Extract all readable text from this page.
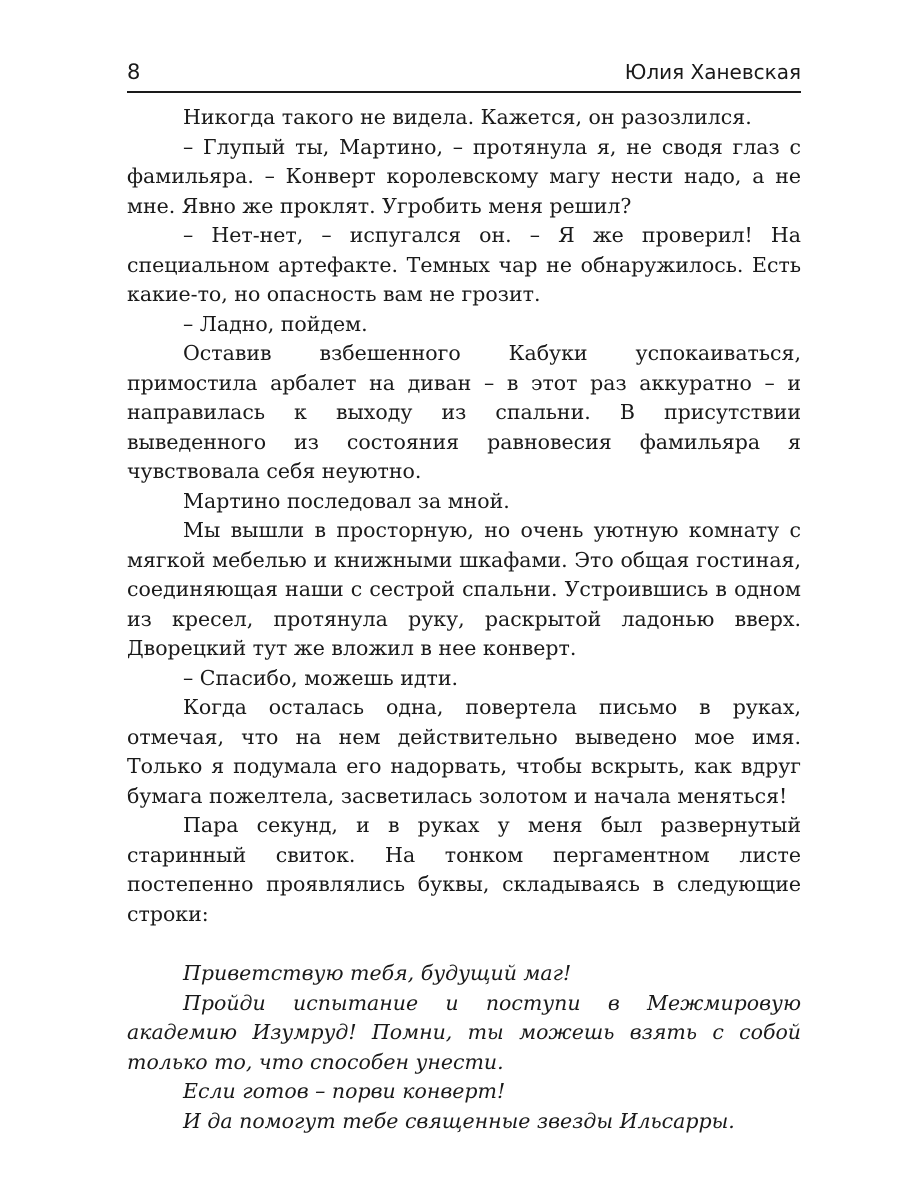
8	Юлия Ханевская

Никогда такого не видела. Кажется, он разозлился.

– Глупый ты, Мартино, – протянула я, не сводя глаз с фамильяра. – Конверт королевскому магу нести надо, а не мне. Явно же проклят. Угробить меня решил?

– Нет-нет, – испугался он. – Я же проверил! На специальном артефакте. Темных чар не обнаружилось. Есть какие-то, но опасность вам не грозит.

– Ладно, пойдем.

Оставив взбешенного Кабуки успокаиваться, примостила арбалет на диван – в этот раз аккуратно – и направилась к выходу из спальни. В присутствии выведенного из состояния равновесия фамильяра я чувствовала себя неуютно.

Мартино последовал за мной.

Мы вышли в просторную, но очень уютную комнату с мягкой мебелью и книжными шкафами. Это общая гостиная, соединяющая наши с сестрой спальни. Устроившись в одном из кресел, протянула руку, раскрытой ладонью вверх. Дворецкий тут же вложил в нее конверт.

– Спасибо, можешь идти.

Когда осталась одна, повертела письмо в руках, отмечая, что на нем действительно выведено мое имя. Только я подумала его надорвать, чтобы вскрыть, как вдруг бумага пожелтела, засветилась золотом и начала меняться!

Пара секунд, и в руках у меня был развернутый старинный свиток. На тонком пергаментном листе постепенно проявлялись буквы, складываясь в следующие строки:

Приветствую тебя, будущий маг!

Пройди испытание и поступи в Межмировую академию Изумруд! Помни, ты можешь взять с собой только то, что способен унести.

Если готов – порви конверт!

И да помогут тебе священные звезды Ильсарры.
